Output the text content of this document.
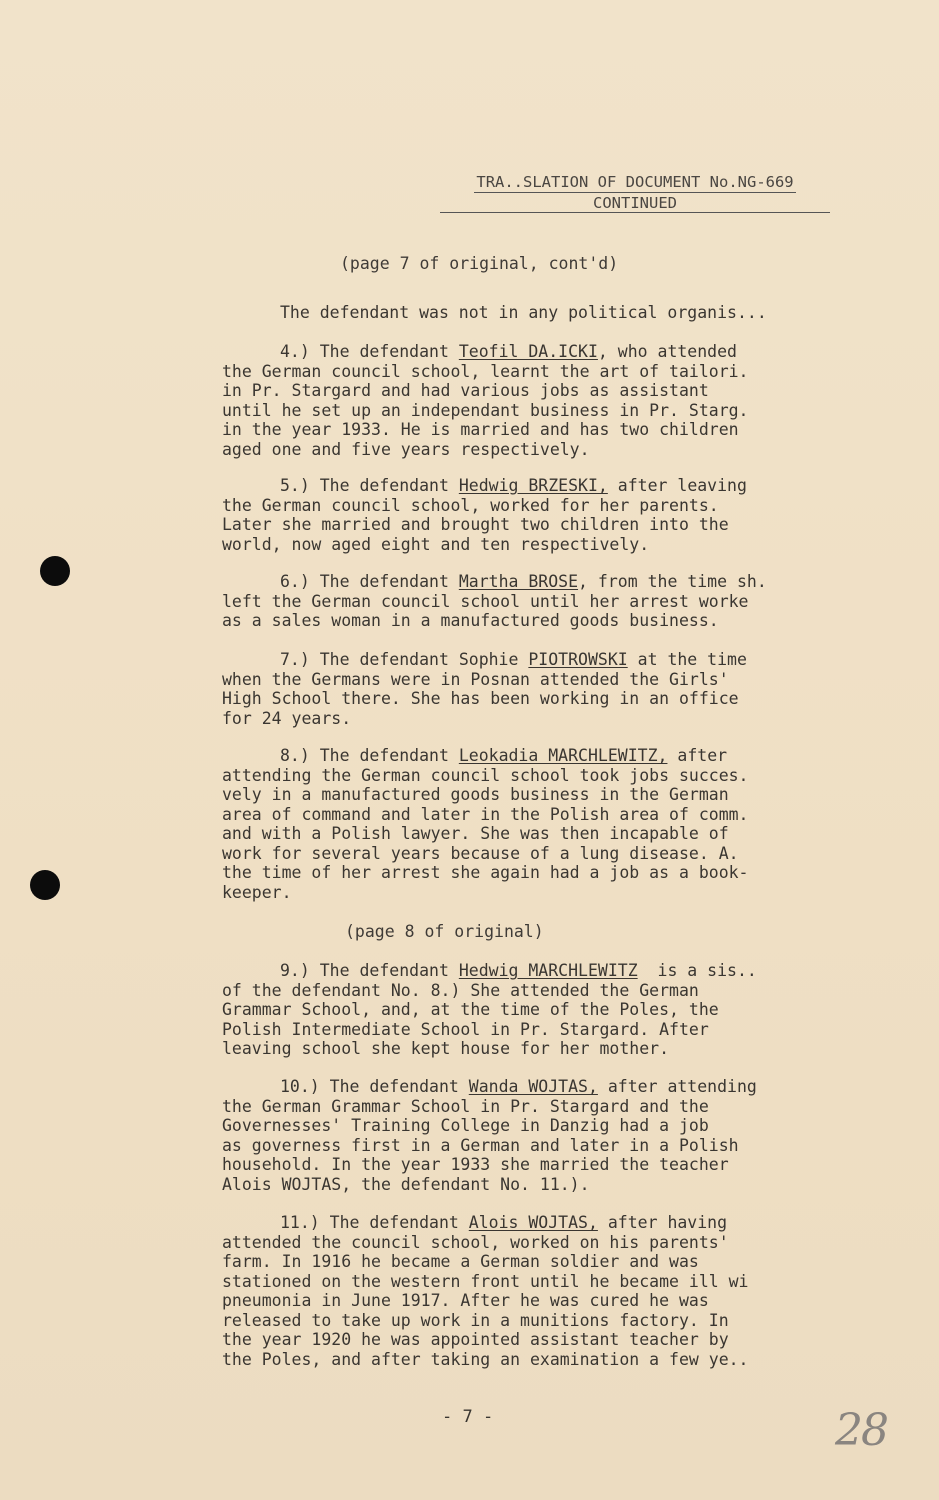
TRA..SLATION OF DOCUMENT No.NG-669
CONTINUED
(page 7 of original, cont'd)
The defendant was not in any political organis...
4.) The defendant Teofil DA.ICKI, who attended
the German council school, learnt the art of tailori.
in Pr. Stargard and had various jobs as assistant
until he set up an independant business in Pr. Starg.
in the year 1933. He is married and has two children
aged one and five years respectively.
5.) The defendant Hedwig BRZESKI, after leaving
the German council school, worked for her parents.
Later she married and brought two children into the
world, now aged eight and ten respectively.
6.) The defendant Martha BROSE, from the time sh.
left the German council school until her arrest worke
as a sales woman in a manufactured goods business.
7.) The defendant Sophie PIOTROWSKI at the time
when the Germans were in Posnan attended the Girls'
High School there. She has been working in an office
for 24 years.
8.) The defendant Leokadia MARCHLEWITZ, after
attending the German council school took jobs succes.
vely in a manufactured goods business in the German
area of command and later in the Polish area of comm.
and with a Polish lawyer. She was then incapable of
work for several years because of a lung disease. A.
the time of her arrest she again had a job as a book-
keeper.
9.) The defendant Hedwig MARCHLEWITZ  is a sis..
of the defendant No. 8.) She attended the German
Grammar School, and, at the time of the Poles, the
Polish Intermediate School in Pr. Stargard. After
leaving school she kept house for her mother.
10.) The defendant Wanda WOJTAS, after attending
the German Grammar School in Pr. Stargard and the
Governesses' Training College in Danzig had a job
as governess first in a German and later in a Polish
household. In the year 1933 she married the teacher
Alois WOJTAS, the defendant No. 11.).
11.) The defendant Alois WOJTAS, after having
attended the council school, worked on his parents'
farm. In 1916 he became a German soldier and was
stationed on the western front until he became ill wi
pneumonia in June 1917. After he was cured he was
released to take up work in a munitions factory. In
the year 1920 he was appointed assistant teacher by
the Poles, and after taking an examination a few ye..
(page 8 of original)
- 7 -	28
